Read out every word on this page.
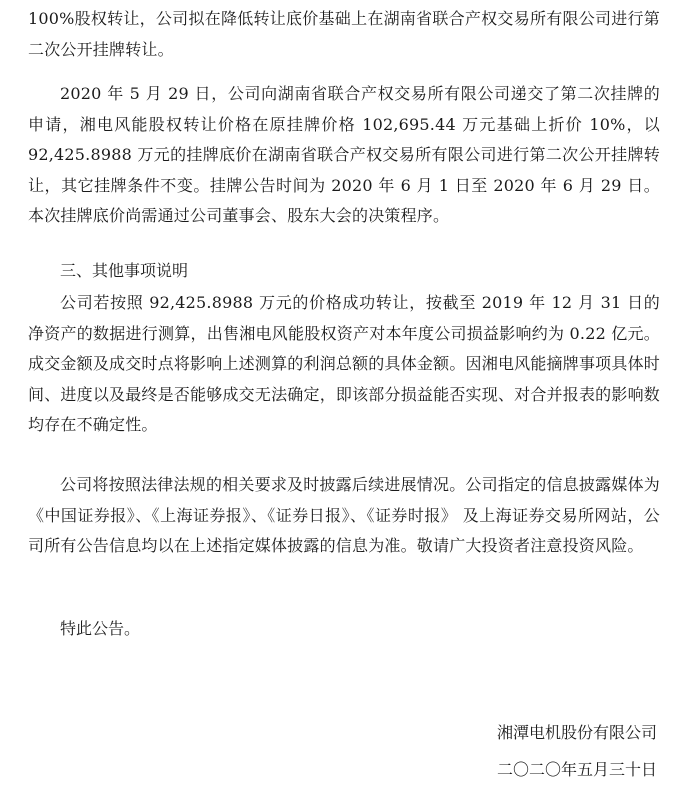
100%股权转让，公司拟在降低转让底价基础上在湖南省联合产权交易所有限公司进行第二次公开挂牌转让。

2020 年 5 月 29 日，公司向湖南省联合产权交易所有限公司递交了第二次挂牌的申请，湘电风能股权转让价格在原挂牌价格 102,695.44 万元基础上折价 10%，以 92,425.8988 万元的挂牌底价在湖南省联合产权交易所有限公司进行第二次公开挂牌转让，其它挂牌条件不变。挂牌公告时间为 2020 年 6 月 1 日至 2020 年 6 月 29 日。本次挂牌底价尚需通过公司董事会、股东大会的决策程序。

三、其他事项说明

公司若按照 92,425.8988 万元的价格成功转让，按截至 2019 年 12 月 31 日的净资产的数据进行测算，出售湘电风能股权资产对本年度公司损益影响约为 0.22 亿元。成交金额及成交时点将影响上述测算的利润总额的具体金额。因湘电风能摘牌事项具体时间、进度以及最终是否能够成交无法确定，即该部分损益能否实现、对合并报表的影响数均存在不确定性。

公司将按照法律法规的相关要求及时披露后续进展情况。公司指定的信息披露媒体为《中国证券报》、《上海证券报》、《证券日报》、《证券时报》 及上海证券交易所网站，公司所有公告信息均以在上述指定媒体披露的信息为准。敬请广大投资者注意投资风险。

特此公告。

湘潭电机股份有限公司

二〇二〇年五月三十日
